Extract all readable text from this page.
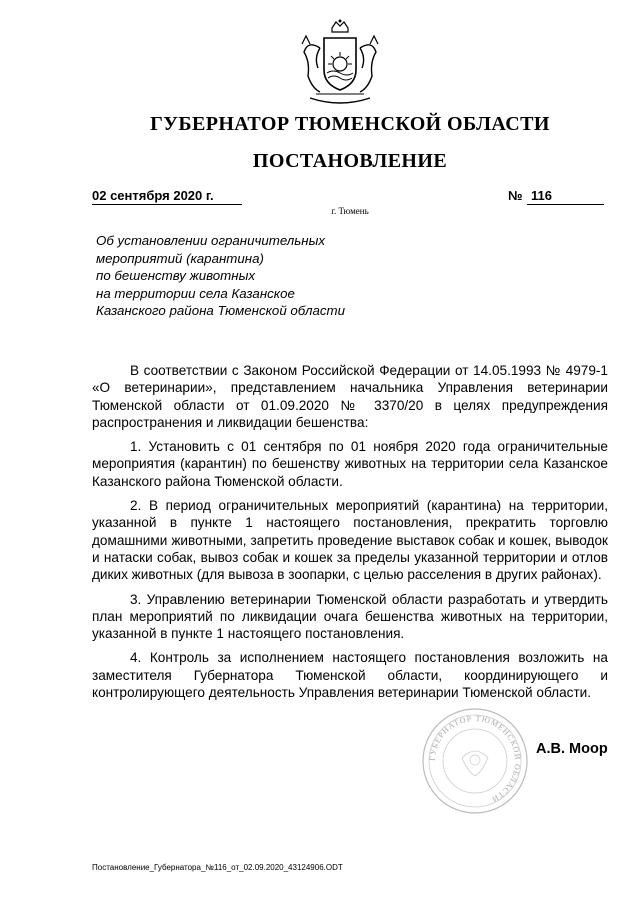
ГУБЕРНАТОР ТЮМЕНСКОЙ ОБЛАСТИ
ПОСТАНОВЛЕНИЕ
02 сентября 2020 г.	№ 116
г. Тюмень
Об установлении ограничительных
мероприятий (карантина)
по бешенству животных
на территории села Казанское
Казанского района Тюменской области

В соответствии с Законом Российской Федерации от 14.05.1993 № 4979-1 «О ветеринарии», представлением начальника Управления ветеринарии Тюменской области от 01.09.2020 № 3370/20 в целях предупреждения распространения и ликвидации бешенства:

1. Установить с 01 сентября по 01 ноября 2020 года ограничительные мероприятия (карантин) по бешенству животных на территории села Казанское Казанского района Тюменской области.

2. В период ограничительных мероприятий (карантина) на территории, указанной в пункте 1 настоящего постановления, прекратить торговлю домашними животными, запретить проведение выставок собак и кошек, выводок и натаски собак, вывоз собак и кошек за пределы указанной территории и отлов диких животных (для вывоза в зоопарки, с целью расселения в других районах).

3. Управлению ветеринарии Тюменской области разработать и утвердить план мероприятий по ликвидации очага бешенства животных на территории, указанной в пункте 1 настоящего постановления.

4. Контроль за исполнением настоящего постановления возложить на заместителя Губернатора Тюменской области, координирующего и контролирующего деятельность Управления ветеринарии Тюменской области.

ГУБЕРНАТОР ТЮМЕНСКОЙ ОБЛАСТИ
А.В. Моор
Постановление_Губернатора_№116_от_02.09.2020_43124906.ODT
